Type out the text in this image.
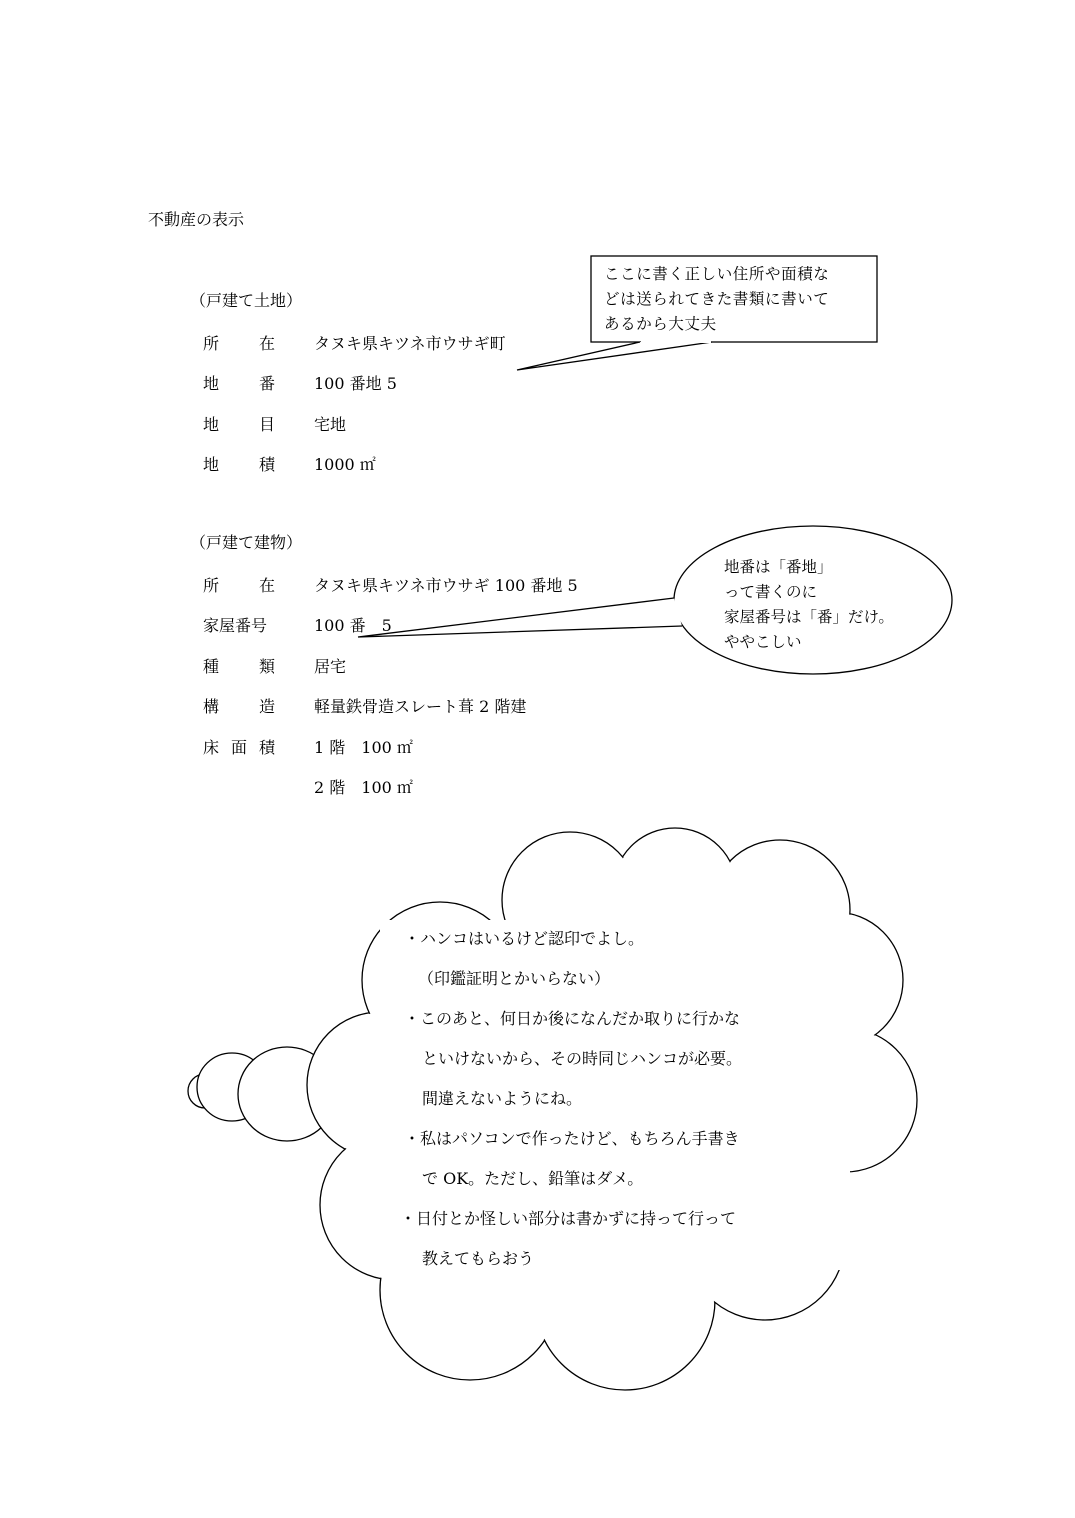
不動産の表示
（戸建て土地）
所 在 タヌキ県キツネ市ウサギ町
地 番 100 番地 5
地 目 宅地
地 積 1000 ㎡
（戸建て建物）
所 在 タヌキ県キツネ市ウサギ 100 番地 5
家屋番号	100 番　5
種 類 居宅
構 造 軽量鉄骨造スレート葺 2 階建
床 面 積 1 階　100 ㎡
2 階　100 ㎡
ここに書く正しい住所や面積な
どは送られてきた書類に書いて
あるから大丈夫
地番は「番地」
って書くのに
家屋番号は「番」だけ。
ややこしい
・ハンコはいるけど認印でよし。
（印鑑証明とかいらない）
・このあと、何日か後になんだか取りに行かな
といけないから、その時同じハンコが必要。
間違えないようにね。
・私はパソコンで作ったけど、もちろん手書き
で OK。ただし、鉛筆はダメ。
・日付とか怪しい部分は書かずに持って行って
教えてもらおう
